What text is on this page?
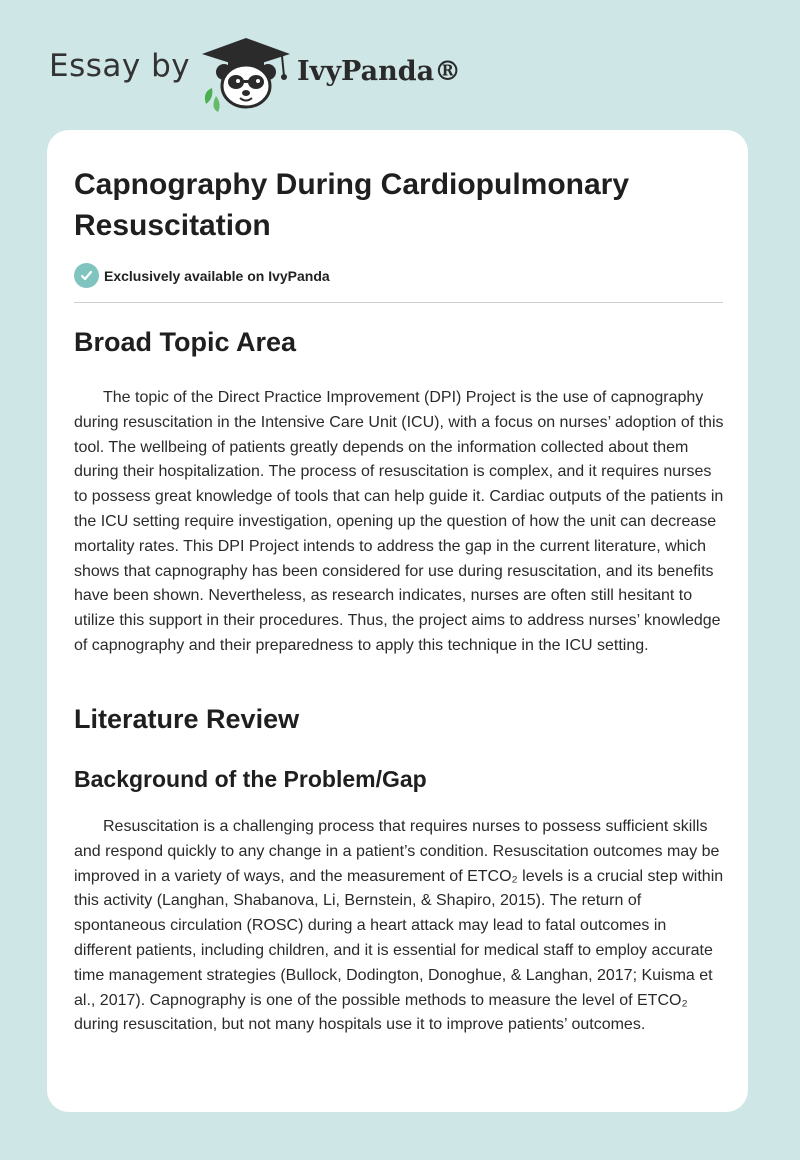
Essay by	IvyPanda®
Capnography During Cardiopulmonary Resuscitation
Exclusively available on IvyPanda
Broad Topic Area

The topic of the Direct Practice Improvement (DPI) Project is the use of capnography during resuscitation in the Intensive Care Unit (ICU), with a focus on nurses’ adoption of this tool. The wellbeing of patients greatly depends on the information collected about them during their hospitalization. The process of resuscitation is complex, and it requires nurses to possess great knowledge of tools that can help guide it. Cardiac outputs of the patients in the ICU setting require investigation, opening up the question of how the unit can decrease mortality rates. This DPI Project intends to address the gap in the current literature, which shows that capnography has been considered for use during resuscitation, and its benefits have been shown. Nevertheless, as research indicates, nurses are often still hesitant to utilize this support in their procedures. Thus, the project aims to address nurses’ knowledge of capnography and their preparedness to apply this technique in the ICU setting.

Literature Review
Background of the Problem/Gap

Resuscitation is a challenging process that requires nurses to possess sufficient skills and respond quickly to any change in a patient’s condition. Resuscitation outcomes may be improved in a variety of ways, and the measurement of ETCO₂ levels is a crucial step within this activity (Langhan, Shabanova, Li, Bernstein, & Shapiro, 2015). The return of spontaneous circulation (ROSC) during a heart attack may lead to fatal outcomes in different patients, including children, and it is essential for medical staff to employ accurate time management strategies (Bullock, Dodington, Donoghue, & Langhan, 2017; Kuisma et al., 2017). Capnography is one of the possible methods to measure the level of ETCO₂ during resuscitation, but not many hospitals use it to improve patients’ outcomes.
